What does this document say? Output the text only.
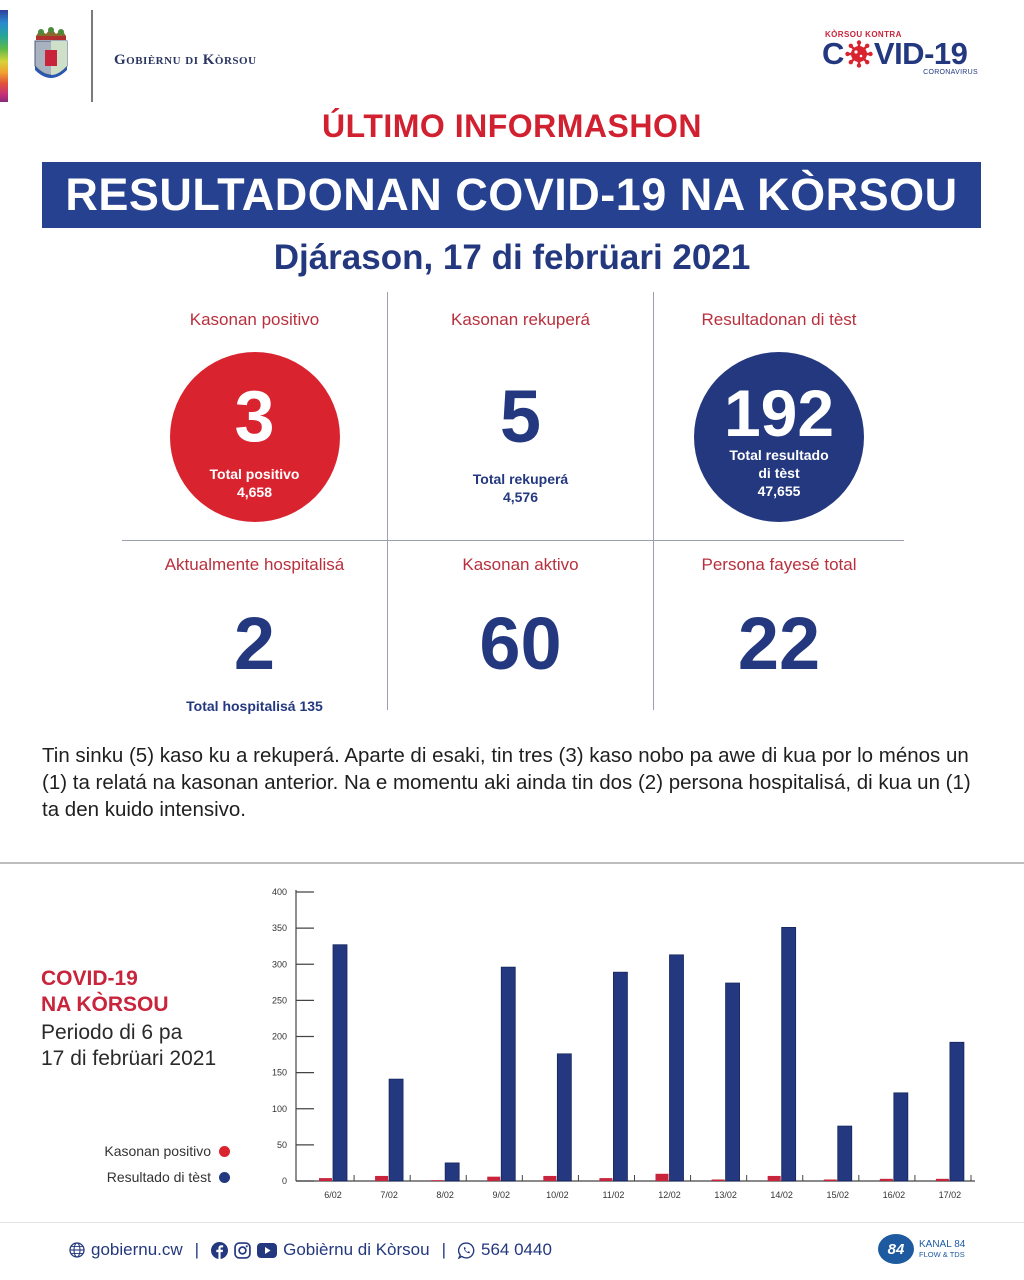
Gobièrnu di Kòrsou
KÒRSOU KONTRA
C VID-19
CORONAVIRUS
ÚLTIMO INFORMASHON
RESULTADONAN COVID-19 NA KÒRSOU
Djárason, 17 di febrüari 2021
Kasonan positivo
3
Total positivo
4,658
Kasonan rekuperá
5
Total rekuperá
4,576
Resultadonan di tèst
192
Total resultado
di tèst
47,655
Aktualmente hospitalisá
2
Total hospitalisá 135
Kasonan aktivo
60
Persona fayesé total
22
Tin sinku (5) kaso ku a rekuperá. Aparte di esaki, tin tres (3) kaso nobo pa awe di kua por lo ménos un (1) ta relatá na kasonan anterior. Na e momentu aki ainda tin dos (2) persona hospitalisá, di kua un (1) ta den kuido intensivo.
COVID-19
NA KÒRSOU
Periodo di 6 pa
17 di febrüari 2021
Kasonan positivo
Resultado di tèst	0
50
100
150
200
250
300
350
400
6/02	7/02	8/02	9/02	10/02	11/02	12/02	13/02	14/02	15/02	16/02	17/02
gobiernu.cw |	Gobièrnu di Kòrsou | 564 0440	84	KANAL 84
FLOW & TDS
